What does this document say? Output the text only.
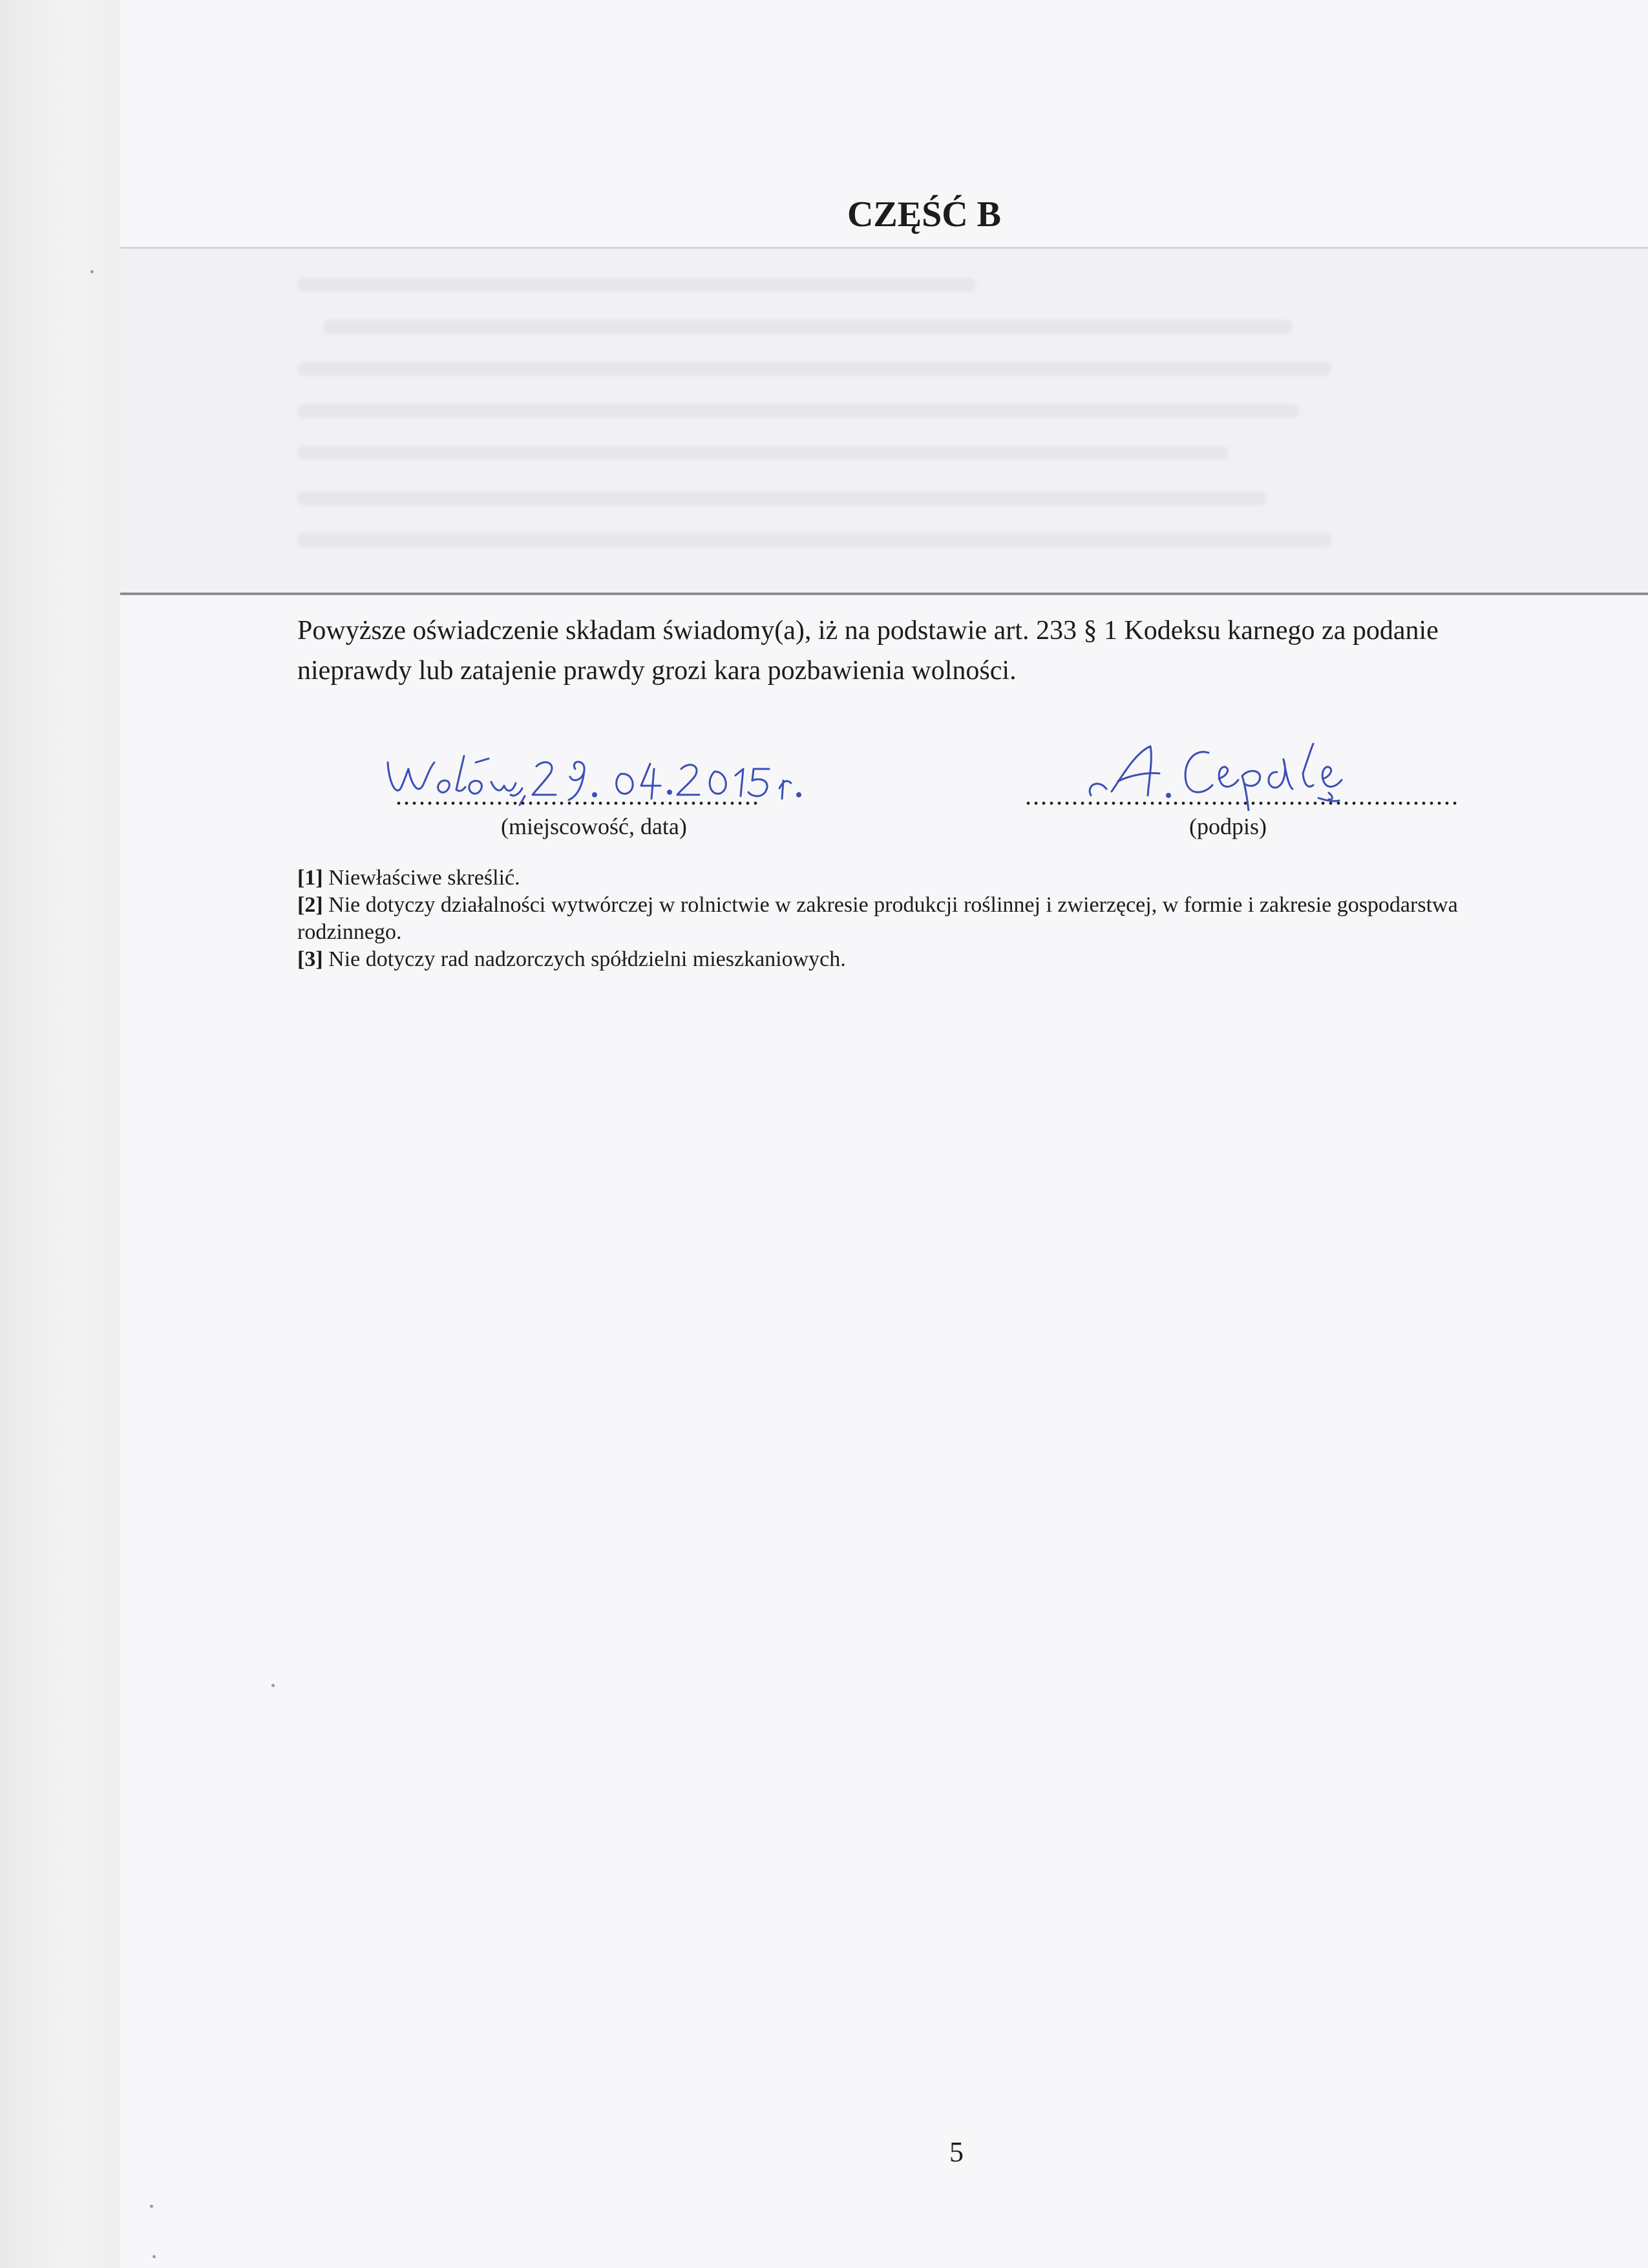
CZĘŚĆ B

Powyższe oświadczenie składam świadomy(a), iż na podstawie art. 233 § 1 Kodeksu karnego za podanie nieprawdy lub zatajenie prawdy grozi kara pozbawienia wolności.

...............................................	........................................................
(miejscowość, data)	(podpis)

[1] Niewłaściwe skreślić.

[2] Nie dotyczy działalności wytwórczej w rolnictwie w zakresie produkcji roślinnej i zwierzęcej, w formie i zakresie gospodarstwa rodzinnego.

[3] Nie dotyczy rad nadzorczych spółdzielni mieszkaniowych.

5
